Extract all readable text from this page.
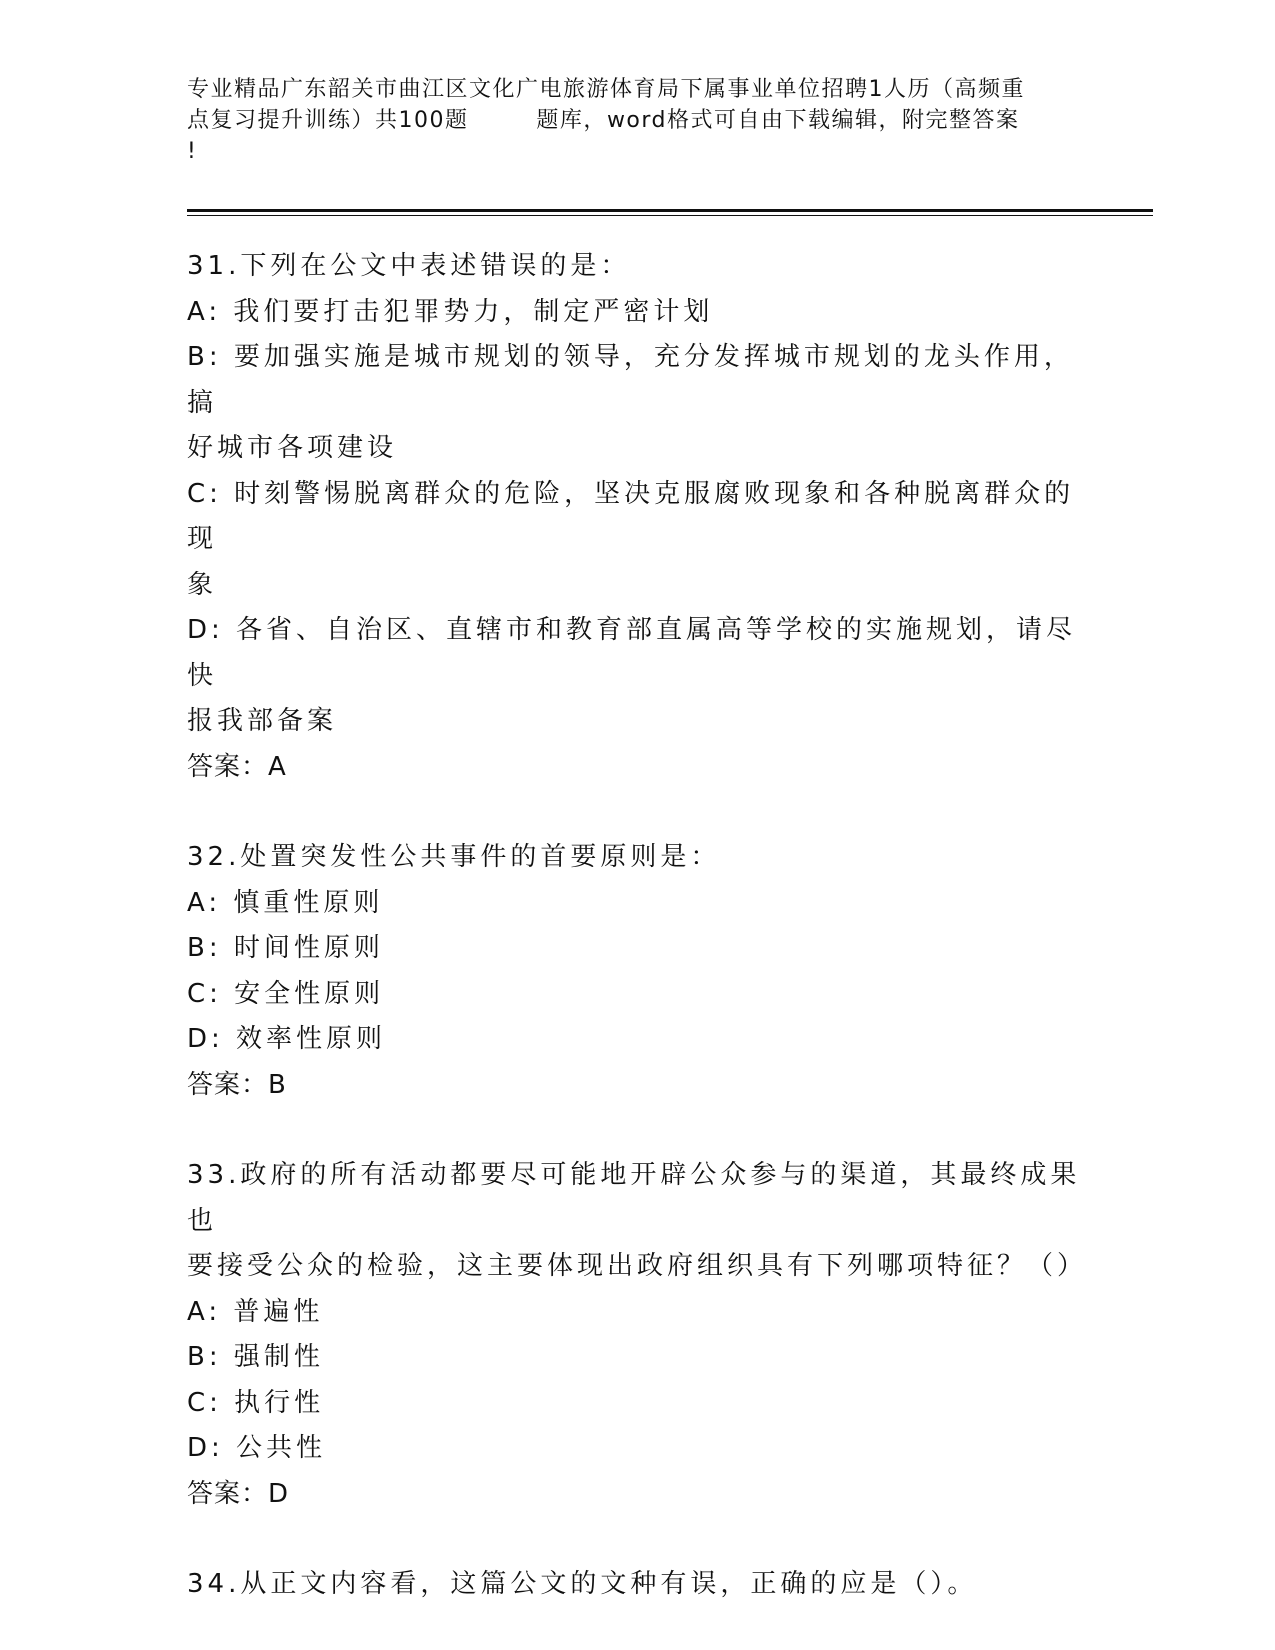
专业精品广东韶关市曲江区文化广电旅游体育局下属事业单位招聘1人历（高频重
点复习提升训练）共100题        题库，word格式可自由下载编辑，附完整答案
!

31.下列在公文中表述错误的是：

A: 我们要打击犯罪势力，制定严密计划

B: 要加强实施是城市规划的领导，充分发挥城市规划的龙头作用，搞
好城市各项建设

C: 时刻警惕脱离群众的危险，坚决克服腐败现象和各种脱离群众的现
象

D: 各省、自治区、直辖市和教育部直属高等学校的实施规划，请尽快
报我部备案

答案：A

32.处置突发性公共事件的首要原则是：

A: 慎重性原则

B: 时间性原则

C: 安全性原则

D: 效率性原则

答案：B

33.政府的所有活动都要尽可能地开辟公众参与的渠道，其最终成果也
要接受公众的检验，这主要体现出政府组织具有下列哪项特征？（）

A: 普遍性

B: 强制性

C: 执行性

D: 公共性

答案：D

34.从正文内容看，这篇公文的文种有误，正确的应是（）。
